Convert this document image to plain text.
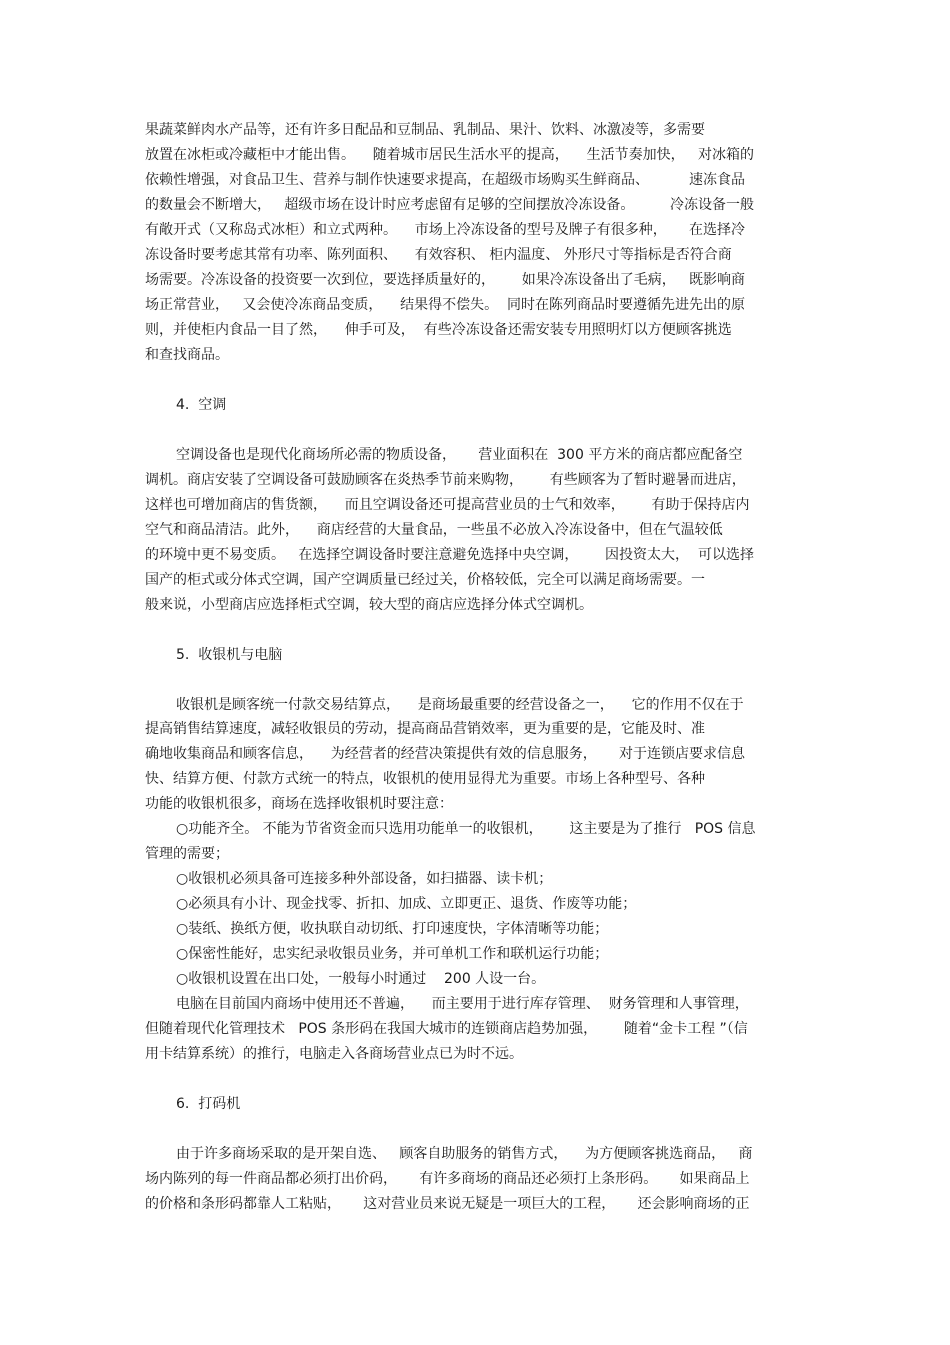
果蔬菜鲜肉水产品等，还有许多日配品和豆制品、乳制品、果汁、饮料、冰激凌等，多需要
放置在冰柜或冷藏柜中才能出售。    随着城市居民生活水平的提高，    生活节奏加快，   对冰箱的
依赖性增强，对食品卫生、营养与制作快速要求提高，在超级市场购买生鲜商品、         速冻食品
的数量会不断增大，   超级市场在设计时应考虑留有足够的空间摆放冷冻设备。        冷冻设备一般
有敞开式（又称岛式冰柜）和立式两种。    市场上冷冻设备的型号及牌子有很多种，     在选择冷
冻设备时要考虑其常有功率、陈列面积、    有效容积、 柜内温度、 外形尺寸等指标是否符合商
场需要。冷冻设备的投资要一次到位，要选择质量好的，      如果冷冻设备出了毛病，   既影响商
场正常营业，   又会使冷冻商品变质，    结果得不偿失。  同时在陈列商品时要遵循先进先出的原
则，并使柜内食品一目了然，    伸手可及，  有些冷冻设备还需安装专用照明灯以方便顾客挑选
和查找商品。
4.  空调
空调设备也是现代化商场所必需的物质设备，     营业面积在  300 平方米的商店都应配备空
调机。商店安装了空调设备可鼓励顾客在炎热季节前来购物，      有些顾客为了暂时避暑而进店，
这样也可增加商店的售货额，    而且空调设备还可提高营业员的士气和效率，      有助于保持店内
空气和商品清洁。此外，    商店经营的大量食品，一些虽不必放入冷冻设备中，但在气温较低
的环境中更不易变质。   在选择空调设备时要注意避免选择中央空调，      因投资太大，  可以选择
国产的柜式或分体式空调，国产空调质量已经过关，价格较低，完全可以满足商场需要。一
般来说，小型商店应选择柜式空调，较大型的商店应选择分体式空调机。
5.  收银机与电脑
收银机是顾客统一付款交易结算点，    是商场最重要的经营设备之一，    它的作用不仅在于
提高销售结算速度，减轻收银员的劳动，提高商品营销效率，更为重要的是，它能及时、准
确地收集商品和顾客信息，    为经营者的经营决策提供有效的信息服务，     对于连锁店要求信息
快、结算方便、付款方式统一的特点，收银机的使用显得尤为重要。市场上各种型号、各种
功能的收银机很多，商场在选择收银机时要注意：
○功能齐全。 不能为节省资金而只选用功能单一的收银机，      这主要是为了推行   POS 信息
管理的需要；
○收银机必须具备可连接多种外部设备，如扫描器、读卡机；
○必须具有小计、现金找零、折扣、加成、立即更正、退货、作废等功能；
○装纸、换纸方便，收执联自动切纸、打印速度快，字体清晰等功能；
○保密性能好，忠实纪录收银员业务，并可单机工作和联机运行功能；
○收银机设置在出口处，一般每小时通过    200 人设一台。
电脑在目前国内商场中使用还不普遍，    而主要用于进行库存管理、  财务管理和人事管理，
但随着现代化管理技术   POS 条形码在我国大城市的连锁商店趋势加强，      随着“金卡工程 ”（信
用卡结算系统）的推行，电脑走入各商场营业点已为时不远。
6.  打码机
由于许多商场采取的是开架自选、   顾客自助服务的销售方式，    为方便顾客挑选商品，   商
场内陈列的每一件商品都必须打出价码，     有许多商场的商品还必须打上条形码。     如果商品上
的价格和条形码都靠人工粘贴，     这对营业员来说无疑是一项巨大的工程，     还会影响商场的正
